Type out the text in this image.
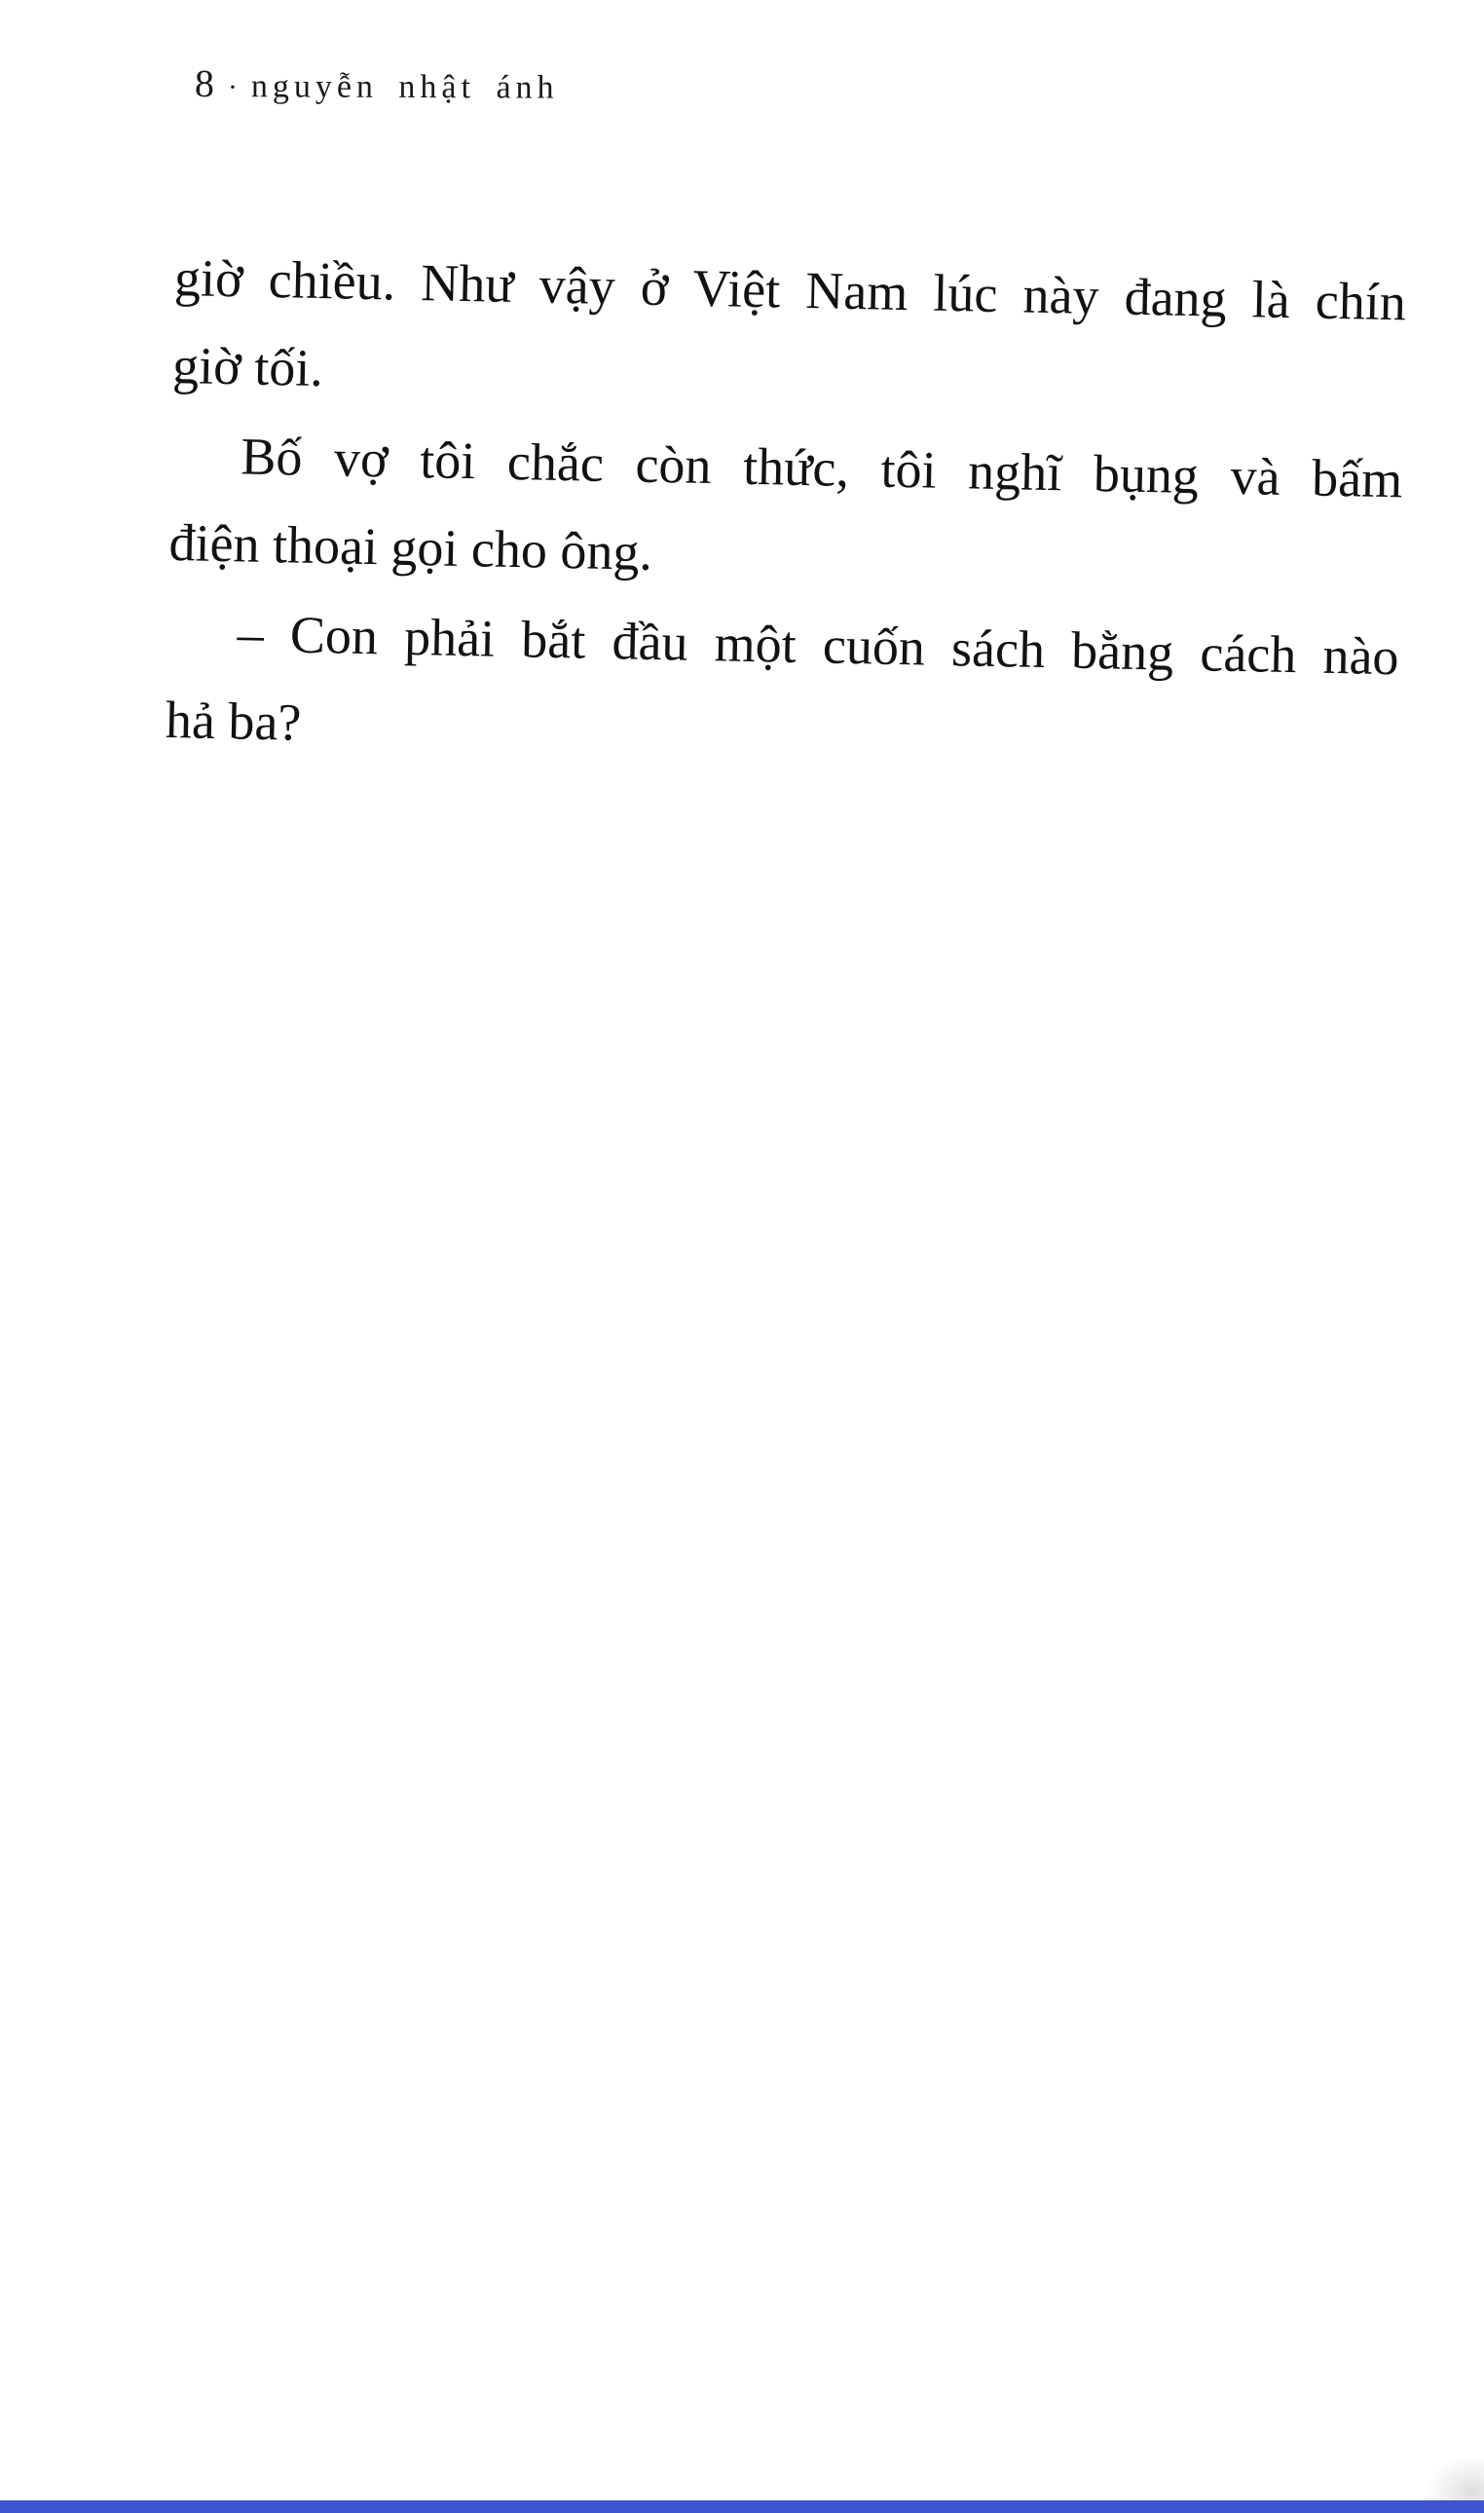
8 · nguyễn nhật ánh

giờ chiều. Như vậy ở Việt Nam lúc này đang là chín
giờ tối.

Bố vợ tôi chắc còn thức, tôi nghĩ bụng và bấm
điện thoại gọi cho ông.

– Con phải bắt đầu một cuốn sách bằng cách nào
hả ba?
